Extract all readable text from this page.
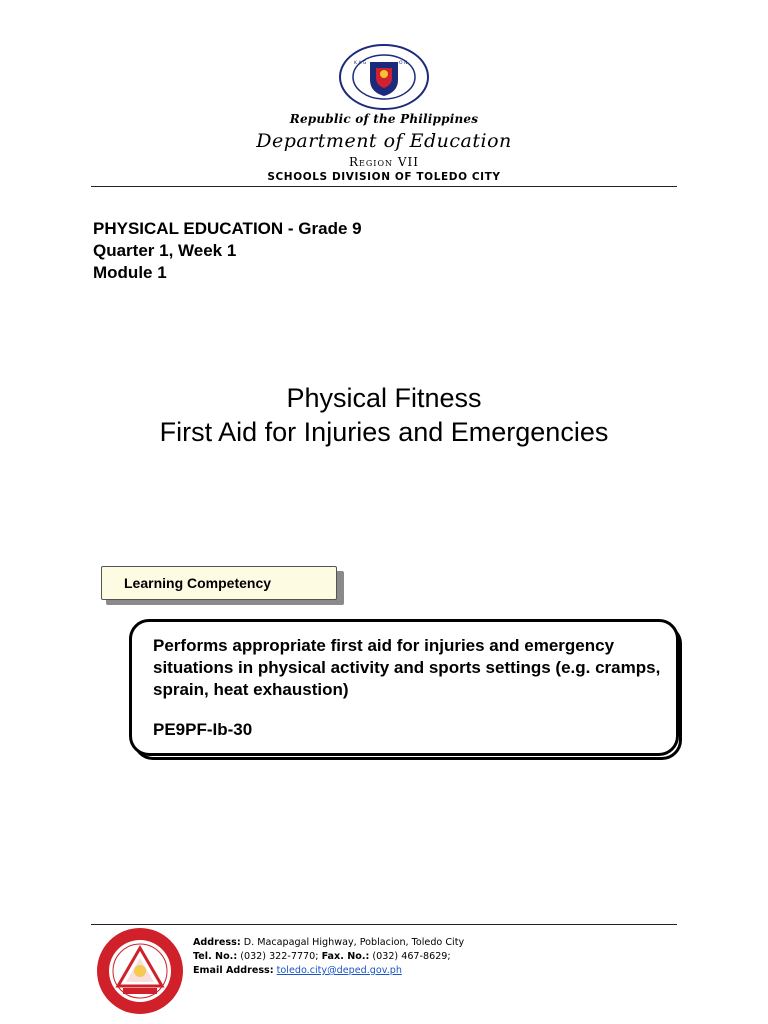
K A G	O N
Republic of the Philippines
Department of Education
Region VII
SCHOOLS DIVISION OF TOLEDO CITY
PHYSICAL EDUCATION - Grade 9
Quarter 1, Week 1
Module 1
Physical Fitness
First Aid for Injuries and Emergencies
Learning Competency
Performs appropriate first aid for injuries and emergency situations in physical activity and sports settings (e.g. cramps, sprain, heat exhaustion)
PE9PF-Ib-30
Address: D. Macapagal Highway, Poblacion, Toledo City
Tel. No.: (032) 322-7770; Fax. No.: (032) 467-8629;
Email Address: toledo.city@deped.gov.ph
